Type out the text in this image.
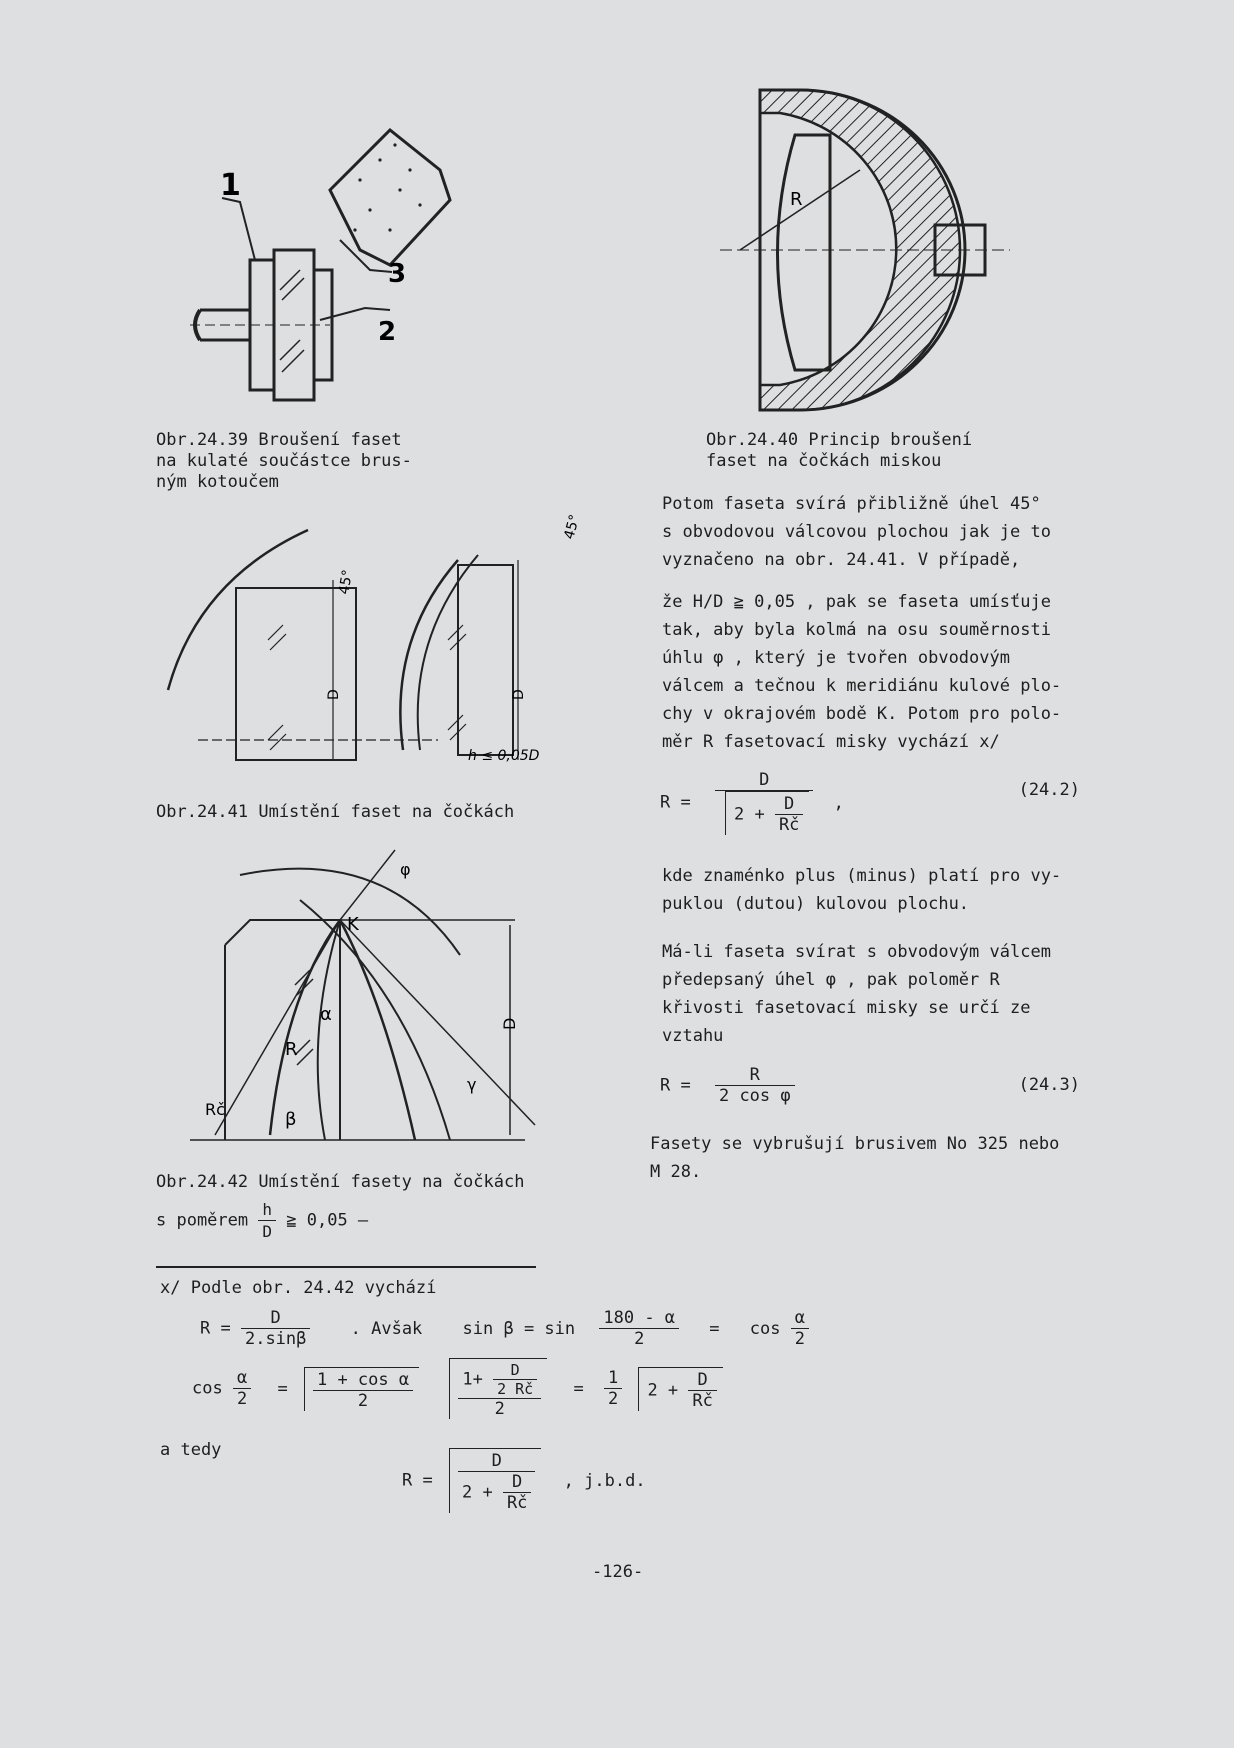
1
2
3
Obr.24.39 Broušení faset
na kulaté součástce brus-
ným kotoučem
R
Obr.24.40 Princip broušení
faset na čočkách miskou
45°
D
45°
D
h ≤ 0,05D
Obr.24.41 Umístění faset na čočkách
φ
K
α
R
Rč	β
γ
D
Obr.24.42 Umístění fasety na čočkách
s poměrem $\frac{h}{D}$ ≧ 0,05 –
Potom faseta svírá přibližně úhel 45°
s obvodovou válcovou plochou jak je to
vyznačeno na obr. 24.41. V případě,
že H/D ≧ 0,05 , pak se faseta umísťuje
tak, aby byla kolmá na osu souměrnosti
úhlu φ , který je tvořen obvodovým
válcem a tečnou k meridiánu kulové plo-
chy v okrajovém bodě K. Potom pro polo-
měr R fasetovací misky vychází x/
$R = \frac{D}{2 + \frac{D}{Rč}}$ ,
(24.2)
kde znaménko plus (minus) platí pro vy-
puklou (dutou) kulovou plochu.
Má-li faseta svírat s obvodovým válcem
předepsaný úhel φ , pak poloměr R
křivosti fasetovací misky se určí ze
vztahu
$R = \frac{R}{\text{2 cos φ}}$	(24.3)
Fasety se vybrušují brusivem No 325 nebo
M 28.
x/ Podle obr. 24.42 vychází
$R = \frac{D}{2.\sin\beta}$ . Avšak $\sin \beta = \sin \frac{180 - \alpha}{2} = \cos \frac{\alpha}{2}$
$\cos \frac{\alpha}{2} = \frac{\text{1 + cos α}}{2}$
	$\frac{1+ \frac{D}{2 Rč}}{2} = \frac{1}{2} 2 + \frac{D}{Rč}$
a tedy
$R = \frac{D}{2 + \frac{D}{Rč}}$ , j.b.d.
-126-
